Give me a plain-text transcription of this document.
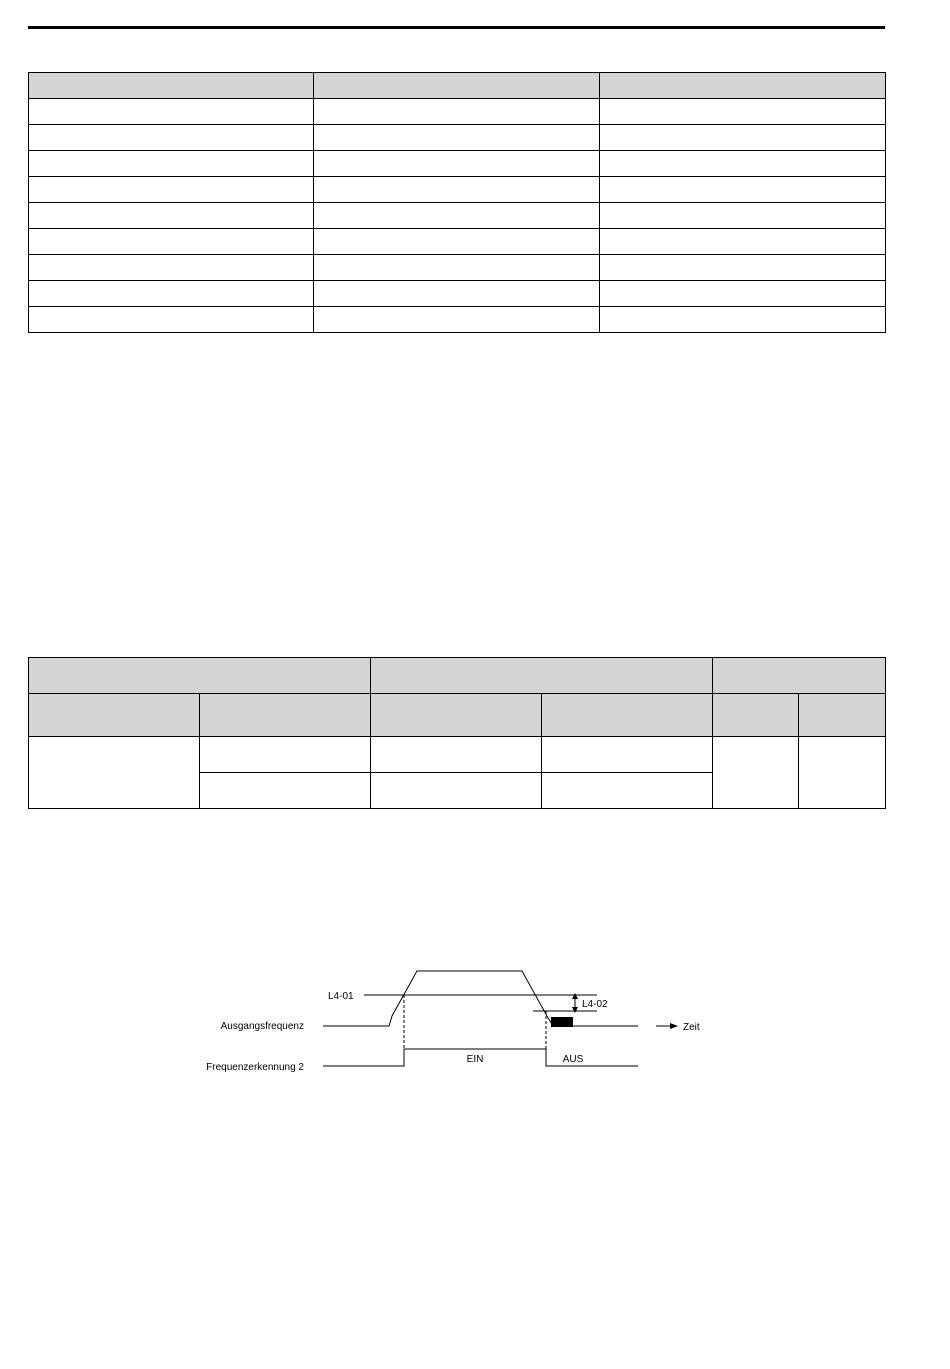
L4-01
L4-02
Ausgangsfrequenz
Frequenzerkennung 2
EIN	AUS
Zeit
